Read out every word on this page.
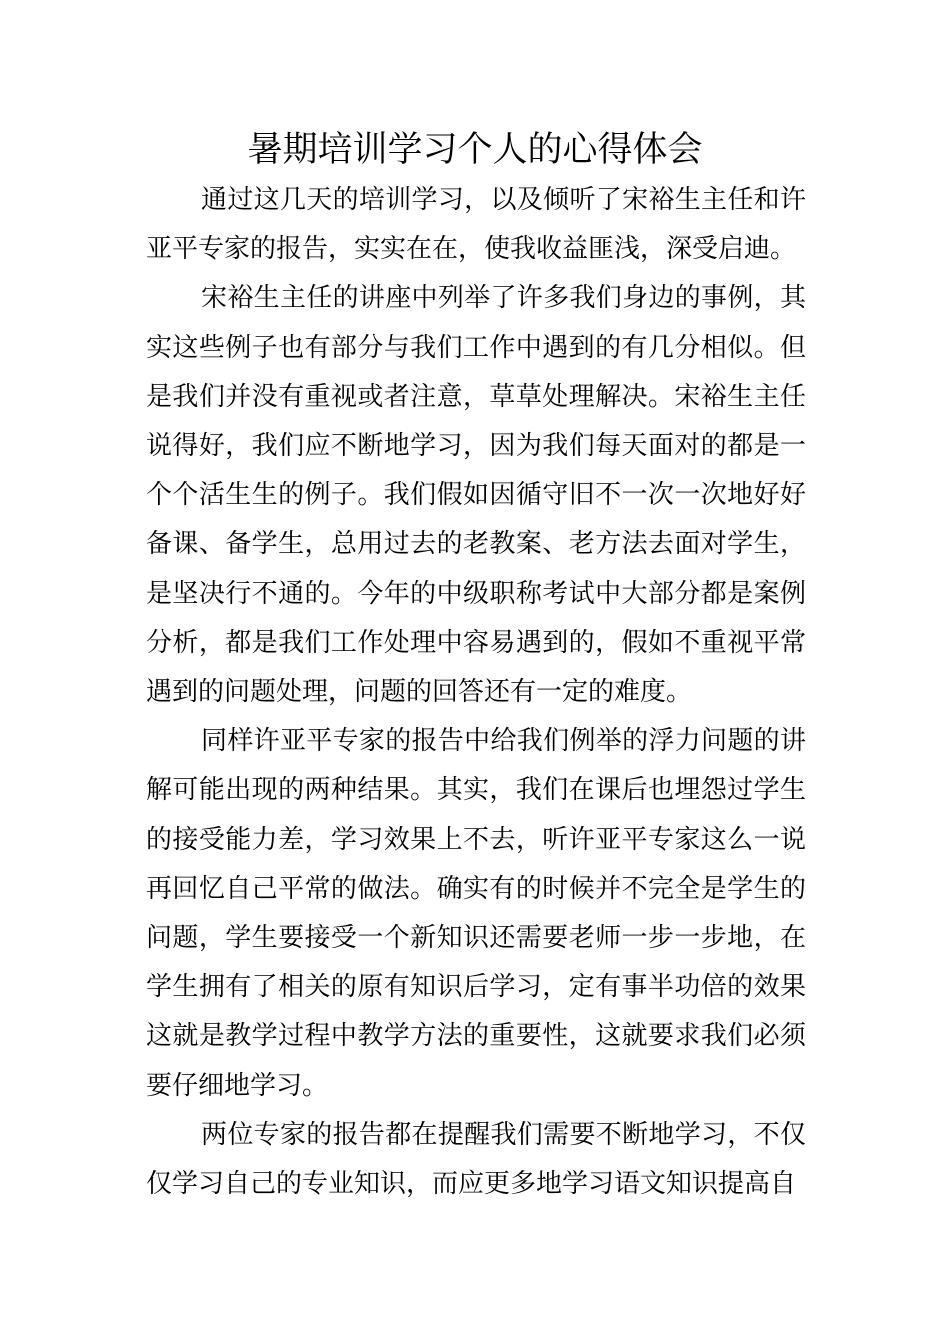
暑期培训学习个人的心得体会

通过这几天的培训学习，以及倾听了宋裕生主任和许亚平专家的报告，实实在在，使我收益匪浅，深受启迪。

宋裕生主任的讲座中列举了许多我们身边的事例，其实这些例子也有部分与我们工作中遇到的有几分相似。但是我们并没有重视或者注意，草草处理解决。宋裕生主任说得好，我们应不断地学习，因为我们每天面对的都是一个个活生生的例子。我们假如因循守旧不一次一次地好好备课、备学生，总用过去的老教案、老方法去面对学生，是坚决行不通的。今年的中级职称考试中大部分都是案例分析，都是我们工作处理中容易遇到的，假如不重视平常遇到的问题处理，问题的回答还有一定的难度。

同样许亚平专家的报告中给我们例举的浮力问题的讲解可能出现的两种结果。其实，我们在课后也埋怨过学生的接受能力差，学习效果上不去，听许亚平专家这么一说再回忆自己平常的做法。确实有的时候并不完全是学生的问题，学生要接受一个新知识还需要老师一步一步地，在学生拥有了相关的原有知识后学习，定有事半功倍的效果这就是教学过程中教学方法的重要性，这就要求我们必须要仔细地学习。

两位专家的报告都在提醒我们需要不断地学习，不仅仅学习自己的专业知识，而应更多地学习语文知识提高自
